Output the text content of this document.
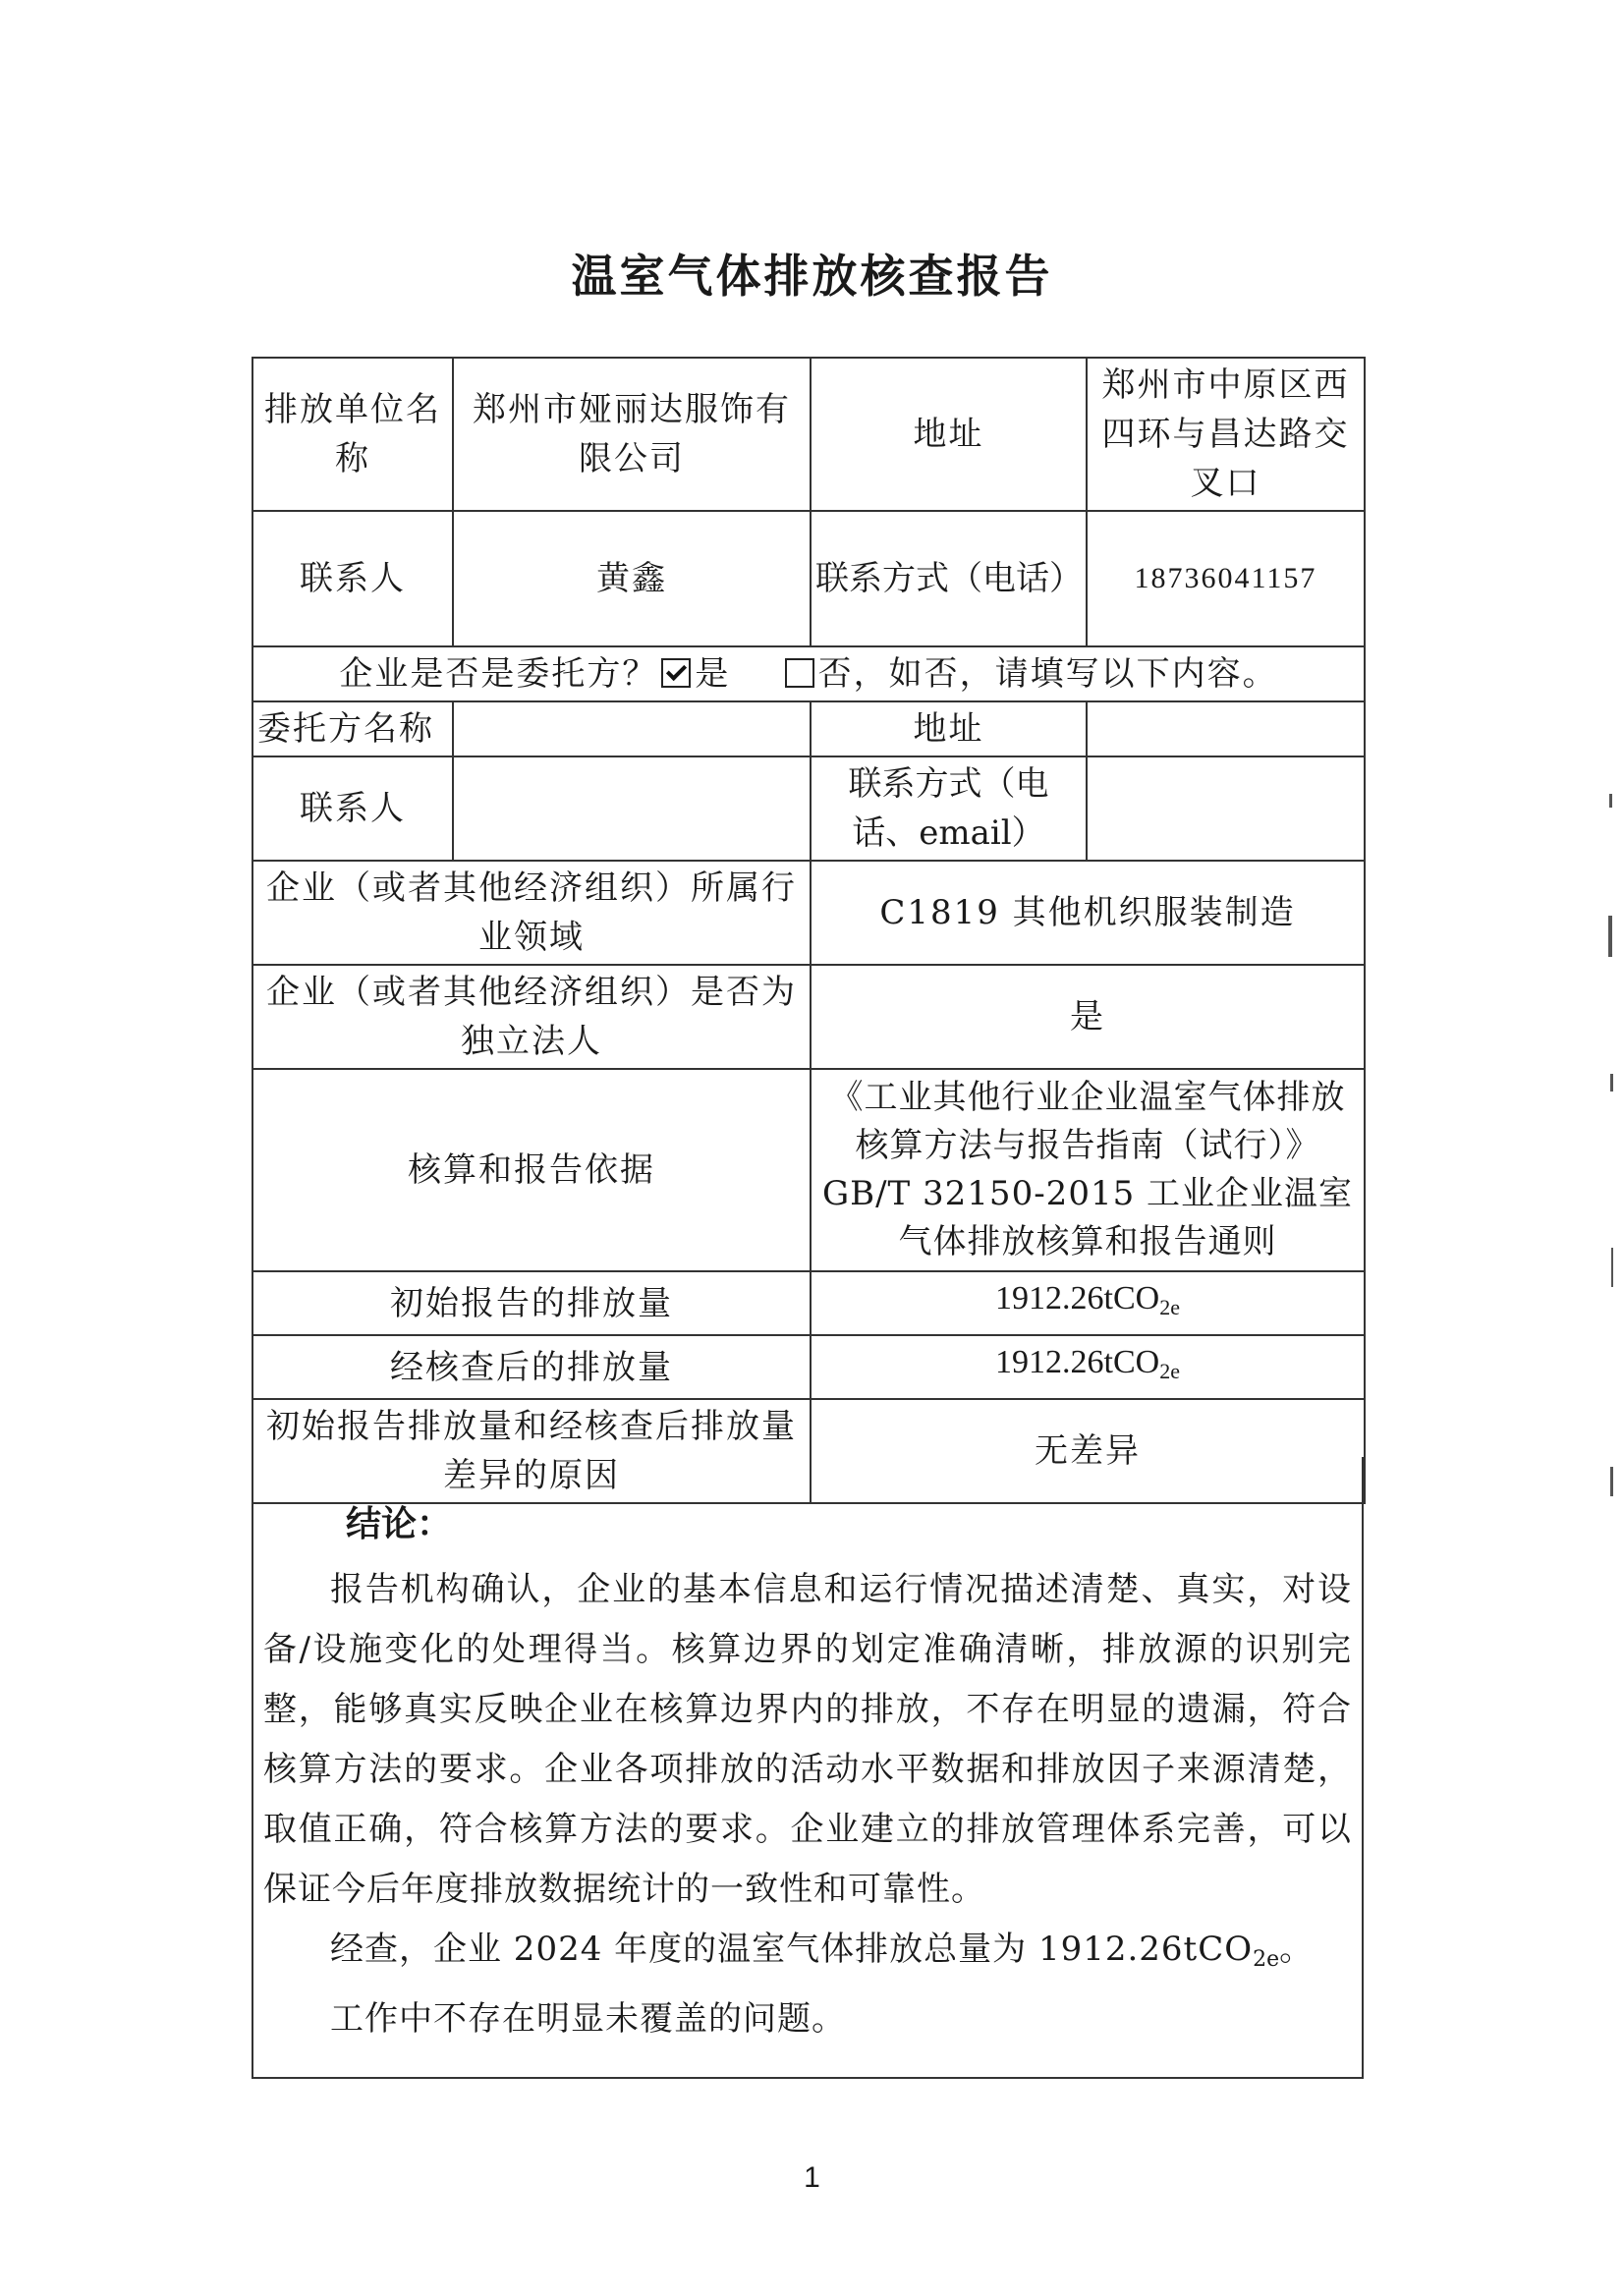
温室气体排放核查报告
排放单位名称	郑州市娅丽达服饰有限公司	地址	郑州市中原区西四环与昌达路交叉口
联系人	黄鑫	联系方式（电话）	18736041157
企业是否是委托方？ 是 否，如否，请填写以下内容。			
委托方名称		地址	
联系人		联系方式（电话、email）	
企业（或者其他经济组织）所属行业领域		C1819 其他机织服装制造	
企业（或者其他经济组织）是否为独立法人		是	
核算和报告依据		《工业其他行业企业温室气体排放核算方法与报告指南（试行）》
GB/T 32150-2015 工业企业温室气体排放核算和报告通则	

初始报告的排放量		1912.26tCO$_{2e}$
经核查后的排放量		1912.26tCO$_{2e}$
初始报告排放量和经核查后排放量差异的原因		无差异	
结论：

报告机构确认，企业的基本信息和运行情况描述清楚、真实，对设备/设施变化的处理得当。核算边界的划定准确清晰，排放源的识别完整，能够真实反映企业在核算边界内的排放，不存在明显的遗漏，符合核算方法的要求。企业各项排放的活动水平数据和排放因子来源清楚，取值正确，符合核算方法的要求。企业建立的排放管理体系完善，可以保证今后年度排放数据统计的一致性和可靠性。

经查，企业 2024 年度的温室气体排放总量为 1912.26tCO$_{2e}$。

工作中不存在明显未覆盖的问题。

1
